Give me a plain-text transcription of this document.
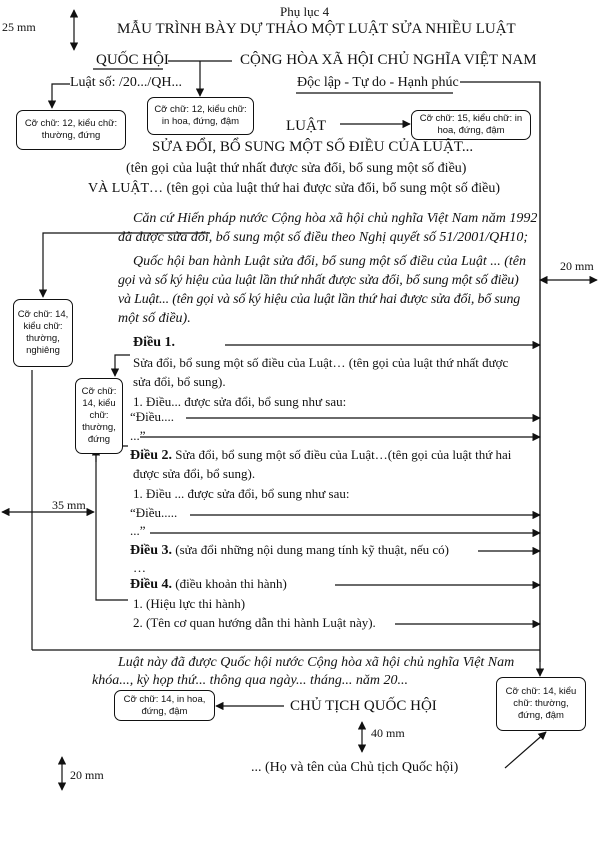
Phụ lục 4
25 mm	MẪU TRÌNH BÀY DỰ THẢO MỘT LUẬT SỬA NHIỀU LUẬT
QUỐC HỘI	CỘNG HÒA XÃ HỘI CHỦ NGHĨA VIỆT NAM
Luật số: /20.../QH...	Độc lập - Tự do - Hạnh phúc
Cỡ chữ: 12, kiểu chữ:
thường, đứng
Cỡ chữ: 12, kiểu chữ:
in hoa, đứng, đậm	Cỡ chữ: 15, kiểu chữ: in
hoa, đứng, đậm
LUẬT
SỬA ĐỔI, BỔ SUNG MỘT SỐ ĐIỀU CỦA LUẬT...
(tên gọi của luật thứ nhất được sửa đổi, bổ sung một số điều)
VÀ LUẬT… (tên gọi của luật thứ hai được sửa đổi, bổ sung một số điều)
Căn cứ Hiến pháp nước Cộng hòa xã hội chủ nghĩa Việt Nam năm 1992
đã được sửa đổi, bổ sung một số điều theo Nghị quyết số 51/2001/QH10;
Quốc hội ban hành Luật sửa đổi, bổ sung một số điều của Luật ... (tên
gọi và số ký hiệu của luật lần thứ nhất được sửa đổi, bổ sung một số điều)
và Luật... (tên gọi và số ký hiệu của luật lần thứ hai được sửa đổi, bổ sung
một số điều).
20 mm
Cỡ chữ: 14,
kiểu chữ:
thường,
nghiêng
Điều 1.
Sửa đổi, bổ sung một số điều của Luật… (tên gọi của luật thứ nhất được
sửa đổi, bổ sung).
1. Điều... được sửa đổi, bổ sung như sau:
“Điều....
...”
Cỡ chữ:
14, kiểu
chữ:
thường,
đứng
Điều 2. Sửa đổi, bổ sung một số điều của Luật…(tên gọi của luật thứ hai
được sửa đổi, bổ sung).
1. Điều ... được sửa đổi, bổ sung như sau:
“Điều.....
...”
35 mm
Điều 3. (sửa đổi những nội dung mang tính kỹ thuật, nếu có)
…
Điều 4. (điều khoản thi hành)
1. (Hiệu lực thi hành)
2. (Tên cơ quan hướng dẫn thi hành Luật này).
Luật này đã được Quốc hội nước Cộng hòa xã hội chủ nghĩa Việt Nam
khóa..., kỳ họp thứ... thông qua ngày... tháng... năm 20...
Cỡ chữ: 14, in hoa,
đứng, đậm	CHỦ TỊCH QUỐC HỘI
40 mm
Cỡ chữ: 14, kiểu
chữ: thường,
đứng, đậm
... (Họ và tên của Chủ tịch Quốc hội)
20 mm
